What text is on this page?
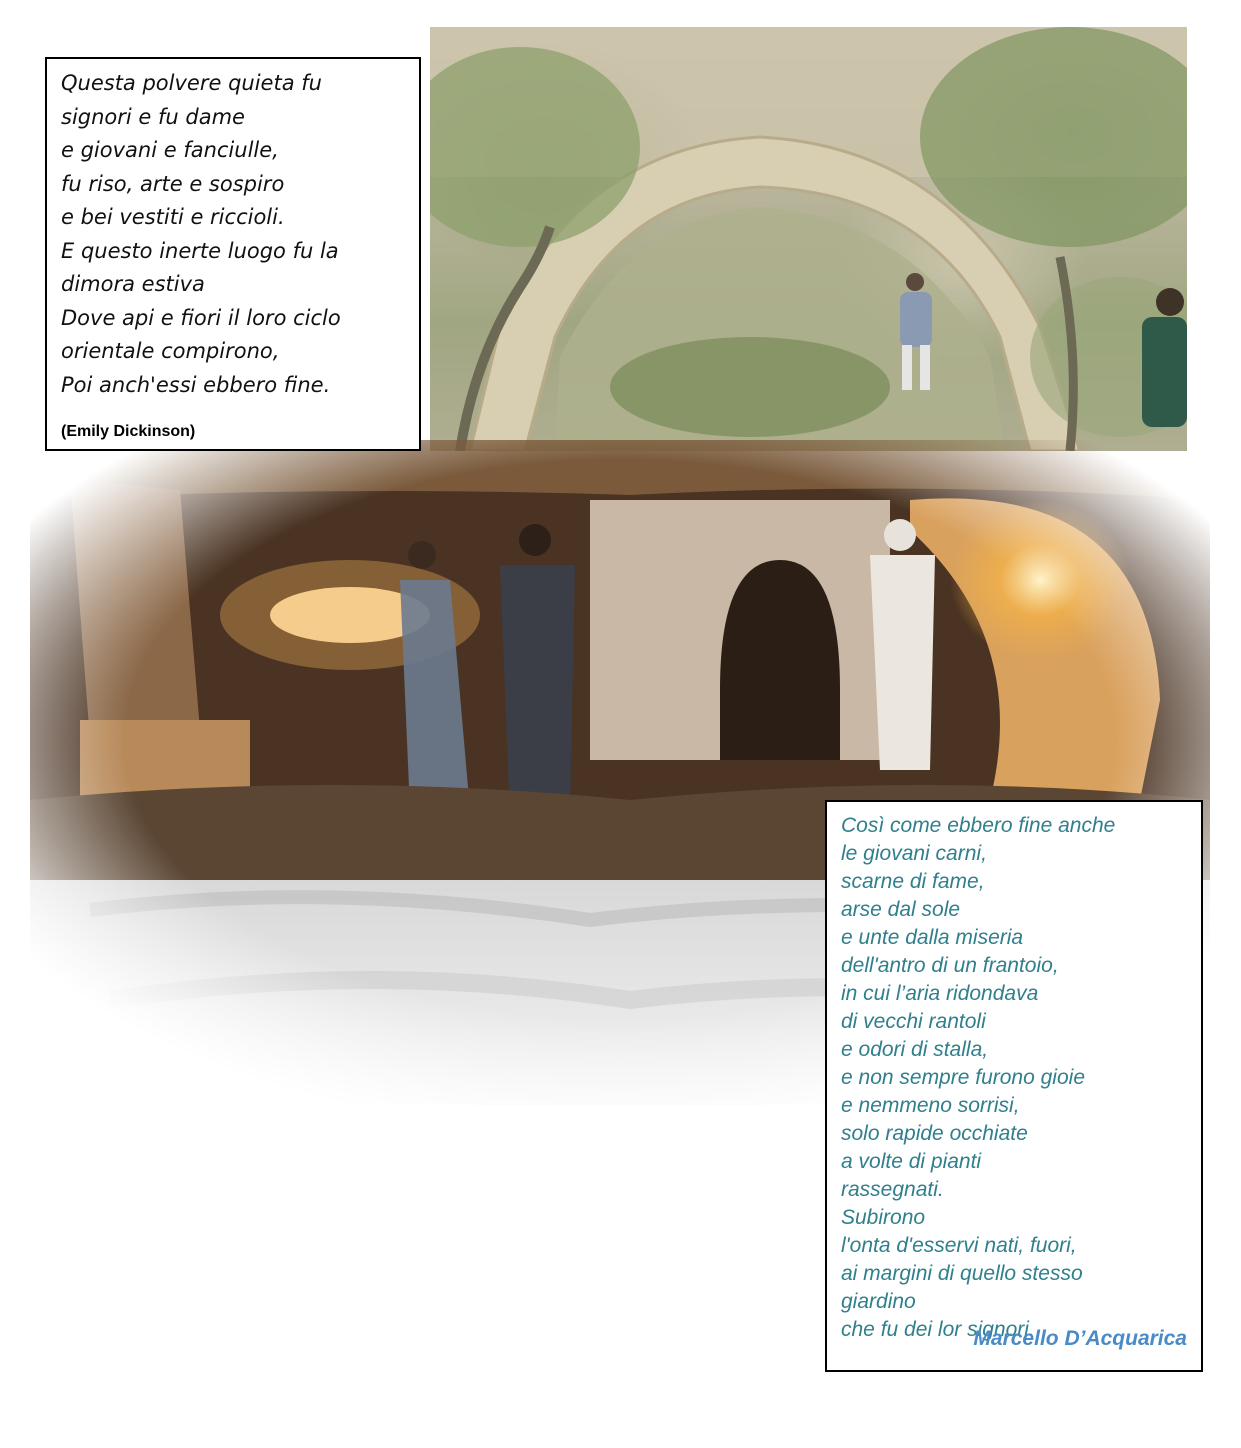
Questa polvere quieta fu
signori e fu dame
e giovani e fanciulle,
fu riso, arte e sospiro
e bei vestiti e riccioli.
E questo inerte luogo fu la
dimora estiva
Dove api e fiori il loro ciclo
orientale compirono,
Poi anch'essi ebbero fine.
(Emily Dickinson)
Così come ebbero fine anche
le giovani carni,
scarne di fame,
arse dal sole
e unte dalla miseria
dell'antro di un frantoio,
in cui l’aria ridondava
di vecchi rantoli
e odori di stalla,
e non sempre furono gioie
e nemmeno sorrisi,
solo rapide occhiate
a volte di pianti
rassegnati.
Subirono
l'onta d'esservi nati, fuori,
ai margini di quello stesso
giardino
che fu dei lor signori.
Marcello D’Acquarica
